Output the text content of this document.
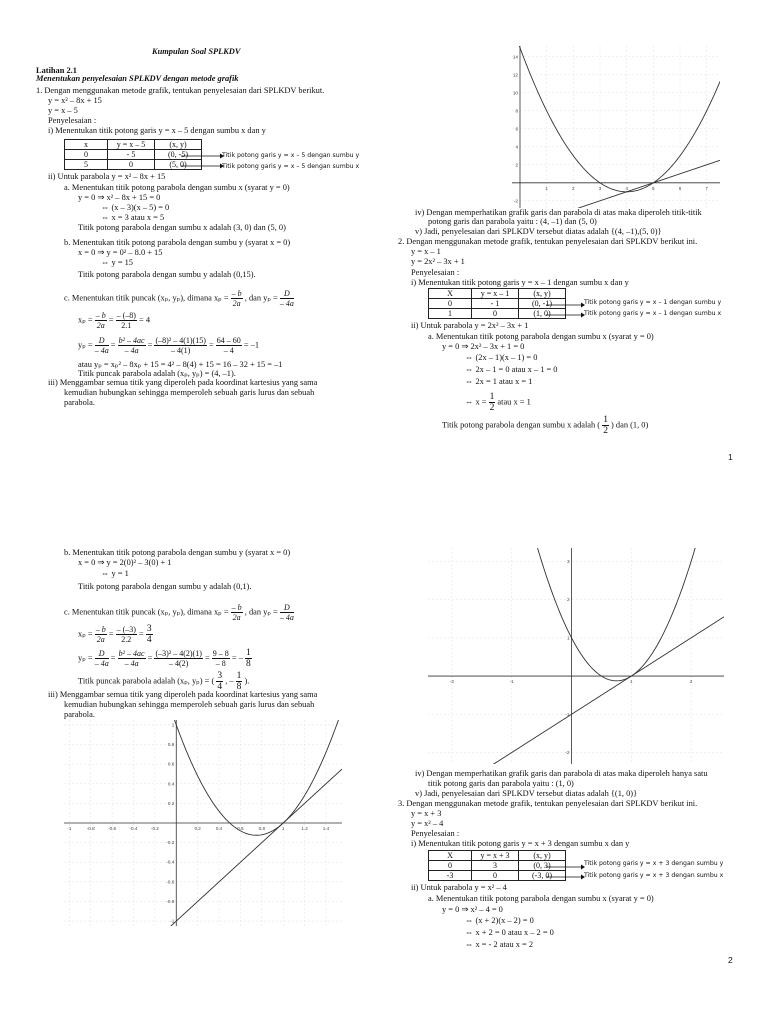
Kumpulan Soal SPLKDV
Latihan 2.1
Menentukan penyelesaian SPLKDV dengan metode grafik
1. Dengan menggunakan metode grafik, tentukan penyelesaian dari SPLKDV berikut.
y = x² – 8x + 15
y = x – 5
Penyelesaian :
i) Menentukan titik potong garis y = x – 5 dengan sumbu x dan y
x	y = x – 5	(x, y)
0	- 5	(0, -5)
5	0	(5, 0)
Titik potong garis y = x – 5 dengan sumbu y
Titik potong garis y = x – 5 dengan sumbu x
ii) Untuk parabola y = x² – 8x + 15
a. Menentukan titik potong parabola dengan sumbu x (syarat y = 0)
y = 0 ⇒ x² – 8x + 15 = 0
⇔ (x – 3)(x – 5) = 0
⇔ x = 3 atau x = 5
Titik potong parabola dengan sumbu x adalah (3, 0) dan (5, 0)
b. Menentukan titik potong parabola dengan sumbu y (syarat x = 0)
x = 0 ⇒ y = 0² – 8.0 + 15
⇔ y = 15
Titik potong parabola dengan sumbu y adalah (0,15).
c. Menentukan titik puncak (xₚ, yₚ), dimana $x_p = \frac{- b}{2a}$ , dan $y_p = \frac{D}{- 4a}$
$x_p = \frac{- b}{2a} = \frac{- (-8)}{2.1} = 4$
$y_p = \frac{D}{- 4a} = \frac{\text{b² – 4ac}}{- 4a} = \frac{\text{(–8)² – 4(1)(15)}}{- 4(1)} = \frac{64 - 60}{- 4} = -1$
atau yₚ = xₚ² – 8xₚ + 15 = 4² – 8(4) + 15 = 16 – 32 + 15 = –1
Titik puncak parabola adalah (xₚ, yₚ) = (4, –1).
iii) Menggambar semua titik yang diperoleh pada koordinat kartesius yang sama
kemudian hubungkan sehingga memperoleh sebuah garis lurus dan sebuah
parabola.
1	2	3	4	5	6	7
14
12
10
8
6
4
2
-2
iv) Dengan memperhatikan grafik garis dan parabola di atas maka diperoleh titik-titik
potong garis dan parabola yaitu : (4, –1) dan (5, 0)
v) Jadi, penyelesaian dari SPLKDV tersebut diatas adalah {(4, –1),(5, 0)}
2. Dengan menggunakan metode grafik, tentukan penyelesaian dari SPLKDV berikut ini.
y = x – 1
y = 2x² – 3x + 1
Penyelesaian :
i) Menentukan titik potong garis y = x – 1 dengan sumbu x dan y
X	y = x – 1	(x, y)
0	- 1	(0, -1)
1	0	(1, 0)
Titik potong garis y = x – 1 dengan sumbu y
Titik potong garis y = x – 1 dengan sumbu x
ii) Untuk parabola y = 2x² – 3x + 1
a. Menentukan titik potong parabola dengan sumbu x (syarat y = 0)
y = 0 ⇒ 2x² – 3x + 1 = 0
⇔ (2x – 1)(x – 1) = 0
⇔ 2x – 1 = 0 atau x – 1 = 0
⇔ 2x = 1 atau x = 1
⇔ $x = \frac{1}{2}$ atau x = 1
Titik potong parabola dengan sumbu x adalah ( $\frac{1}{2}$ ) dan (1, 0)
1
b. Menentukan titik potong parabola dengan sumbu y (syarat x = 0)
x = 0 ⇒ y = 2(0)² – 3(0) + 1
⇔ y = 1
Titik potong parabola dengan sumbu y adalah (0,1).
c. Menentukan titik puncak (xₚ, yₚ), dimana $x_p = \frac{- b}{2a}$ , dan $y_p = \frac{D}{- 4a}$
$x_p = \frac{- b}{2a} = \frac{- (-3)}{2.2} = \frac{3}{4}$
$y_p = \frac{D}{- 4a} = \frac{\text{b² – 4ac}}{- 4a} = \frac{\text{(–3)² – 4(2)(1)}}{- 4(2)} = \frac{9 - 8}{- 8}$ = – $\frac{1}{8}$
Titik puncak parabola adalah (xₚ, yₚ) = ( $\frac{3}{4}$ , – $\frac{1}{8}$ ).
iii) Menggambar semua titik yang diperoleh pada koordinat kartesius yang sama
kemudian hubungkan sehingga memperoleh sebuah garis lurus dan sebuah
parabola.
-1	-0.8	-0.6	-0.4	-0.2	0.2	0.4	0.6	0.8	1	1.2	1.4
1
0.8
0.6
0.4
0.2
-0.2
-0.4
-0.6
-0.8
-1
-2	-1	1	2
3
2
1
-1
-2
iv) Dengan memperhatikan grafik garis dan parabola di atas maka diperoleh hanya satu
titik potong garis dan parabola yaitu : (1, 0)
v) Jadi, penyelesaian dari SPLKDV tersebut diatas adalah {(1, 0)}
3. Dengan menggunakan metode grafik, tentukan penyelesaian dari SPLKDV berikut ini.
y = x + 3
y = x² – 4
Penyelesaian :
i) Menentukan titik potong garis y = x + 3 dengan sumbu x dan y
X	y = x + 3	(x, y)
0	3	(0, 3)
-3	0	(-3, 0)
Titik potong garis y = x + 3 dengan sumbu y
Titik potong garis y = x + 3 dengan sumbu x
ii) Untuk parabola y = x² – 4
a. Menentukan titik potong parabola dengan sumbu x (syarat y = 0)
y = 0 ⇒ x² – 4 = 0
⇔ (x + 2)(x – 2) = 0
⇔ x + 2 = 0 atau x – 2 = 0
⇔ x = - 2 atau x = 2
2
